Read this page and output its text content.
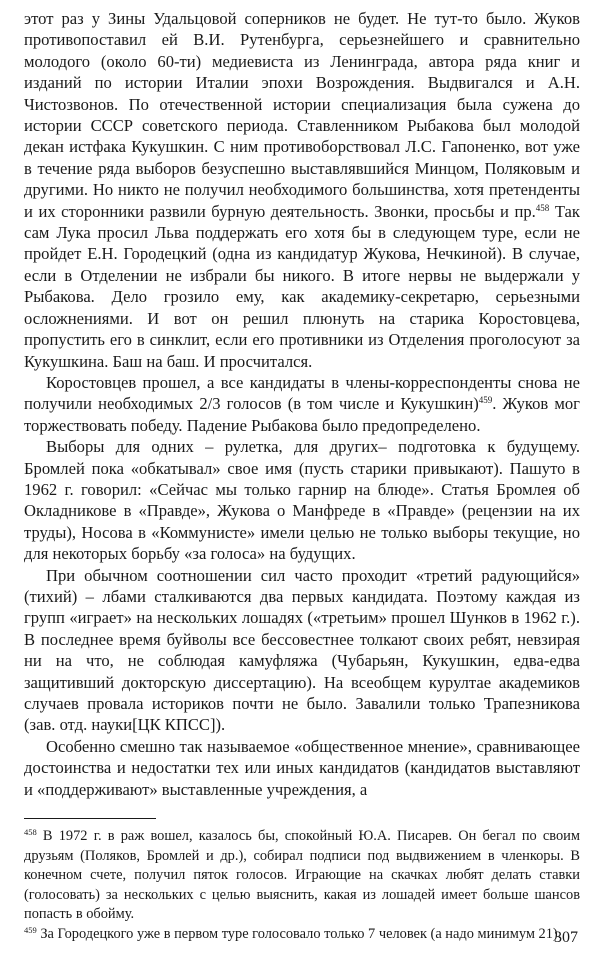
этот раз у Зины Удальцовой соперников не будет. Не тут-то было. Жуков противопоставил ей В.И. Рутенбурга, серьезнейшего и сравнительно молодого (около 60-ти) медиевиста из Ленинграда, автора ряда книг и изданий по истории Италии эпохи Возрождения. Выдвигался и А.Н. Чистозвонов. По отечественной истории специализация была сужена до истории СССР советского периода. Ставленником Рыбакова был молодой декан истфака Кукушкин. С ним противоборствовал Л.С. Гапоненко, вот уже в течение ряда выборов безуспешно выставлявшийся Минцом, Поляковым и другими. Но никто не получил необходимого большинства, хотя претенденты и их сторонники развили бурную деятельность. Звонки, просьбы и пр.$^{458}$ Так сам Лука просил Льва поддержать его хотя бы в следующем туре, если не пройдет Е.Н. Городецкий (одна из кандидатур Жукова, Нечкиной). В случае, если в Отделении не избрали бы никого. В итоге нервы не выдержали у Рыбакова. Дело грозило ему, как академику-секретарю, серьезными осложнениями. И вот он решил плюнуть на старика Коростовцева, пропустить его в синклит, если его противники из Отделения проголосуют за Кукушкина. Баш на баш. И просчитался.

Коростовцев прошел, а все кандидаты в члены-корреспонденты снова не получили необходимых 2/3 голосов (в том числе и Кукушкин)$^{459}$. Жуков мог торжествовать победу. Падение Рыбакова было предопределено.

Выборы для одних – рулетка, для других– подготовка к будущему. Бромлей пока «обкатывал» свое имя (пусть старики привыкают). Пашуто в 1962 г. говорил: «Сейчас мы только гарнир на блюде». Статья Бромлея об Окладникове в «Правде», Жукова о Манфреде в «Правде» (рецензии на их труды), Носова в «Коммунисте» имели целью не только выборы текущие, но для некоторых борьбу «за голоса» на будущих.

При обычном соотношении сил часто проходит «третий радующийся» (тихий) – лбами сталкиваются два первых кандидата. Поэтому каждая из групп «играет» на нескольких лошадях («третьим» прошел Шунков в 1962 г.). В последнее время буйволы все бессовестнее толкают своих ребят, невзирая ни на что, не соблюдая камуфляжа (Чубарьян, Кукушкин, едва-едва защитивший докторскую диссертацию). На всеобщем курултае академиков случаев провала историков почти не было. Завалили только Трапезникова (зав. отд. науки[ЦК КПСС]).

Особенно смешно так называемое «общественное мнение», сравнивающее достоинства и недостатки тех или иных кандидатов (кандидатов выставляют и «поддерживают» выставленные учреждения, а

$^{458}$ В 1972 г. в раж вошел, казалось бы, спокойный Ю.А. Писарев. Он бегал по своим друзьям (Поляков, Бромлей и др.), собирал подписи под выдвижением в членкоры. В конечном счете, получил пяток голосов. Играющие на скачках любят делать ставки (голосовать) за нескольких с целью выяснить, какая из лошадей имеет больше шансов попасть в обойму.

$^{459}$ За Городецкого уже в первом туре голосовало только 7 человек (а надо минимум 21).

307
